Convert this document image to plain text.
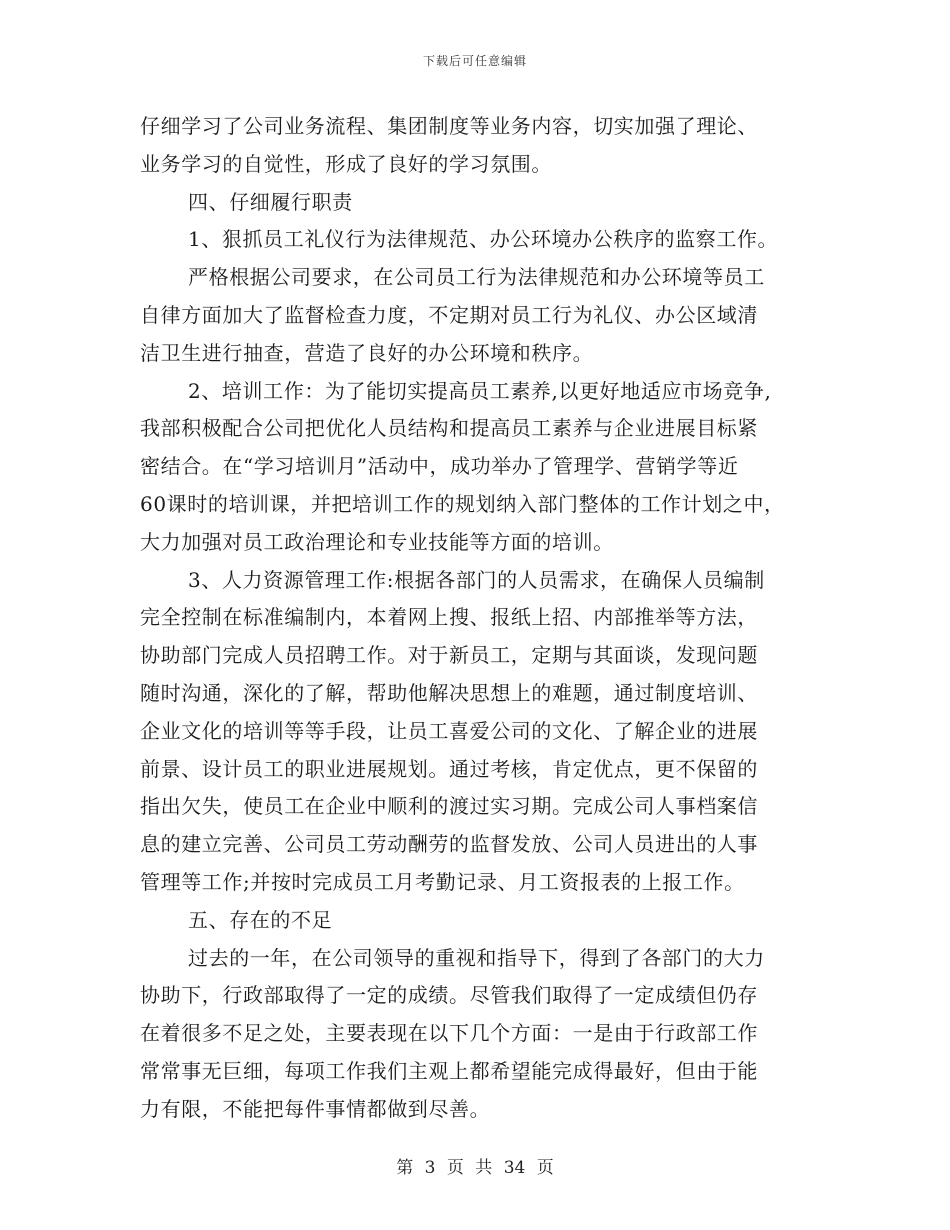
下载后可任意编辑
仔细学习了公司业务流程、集团制度等业务内容，切实加强了理论、
业务学习的自觉性，形成了良好的学习氛围。
四、仔细履行职责
1、狠抓员工礼仪行为法律规范、办公环境办公秩序的监察工作。
严格根据公司要求，在公司员工行为法律规范和办公环境等员工
自律方面加大了监督检查力度，不定期对员工行为礼仪、办公区域清
洁卫生进行抽查，营造了良好的办公环境和秩序。
2、培训工作：为了能切实提高员工素养,以更好地适应市场竞争,
我部积极配合公司把优化人员结构和提高员工素养与企业进展目标紧
密结合。在“学习培训月”活动中，成功举办了管理学、营销学等近
60课时的培训课，并把培训工作的规划纳入部门整体的工作计划之中，
大力加强对员工政治理论和专业技能等方面的培训。
3、人力资源管理工作:根据各部门的人员需求，在确保人员编制
完全控制在标准编制内，本着网上搜、报纸上招、内部推举等方法，
协助部门完成人员招聘工作。对于新员工，定期与其面谈，发现问题
随时沟通，深化的了解，帮助他解决思想上的难题，通过制度培训、
企业文化的培训等等手段，让员工喜爱公司的文化、了解企业的进展
前景、设计员工的职业进展规划。通过考核，肯定优点，更不保留的
指出欠失，使员工在企业中顺利的渡过实习期。完成公司人事档案信
息的建立完善、公司员工劳动酬劳的监督发放、公司人员进出的人事
管理等工作;并按时完成员工月考勤记录、月工资报表的上报工作。
五、存在的不足
过去的一年，在公司领导的重视和指导下，得到了各部门的大力
协助下，行政部取得了一定的成绩。尽管我们取得了一定成绩但仍存
在着很多不足之处，主要表现在以下几个方面：一是由于行政部工作
常常事无巨细，每项工作我们主观上都希望能完成得最好，但由于能
力有限，不能把每件事情都做到尽善。
第 3 页 共 34 页
